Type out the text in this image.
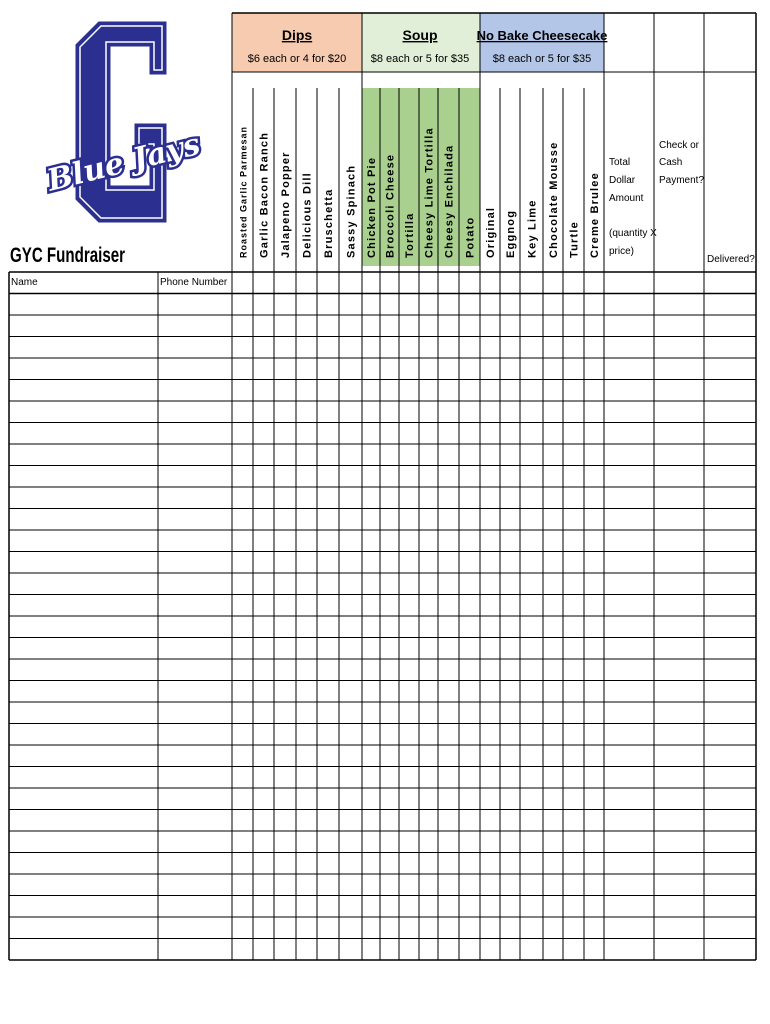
Blue Jays
GYC Fundraiser
Name	Phone Number
Dips
$6 each or 4 for $20
Soup
$8 each or 5 for $35
No Bake Cheesecake
$8 each or 5 for $35
Total Dollar Amount
(quantity X price)
Check or Cash Payment?
Delivered?
Roasted Garlic Parmesan Garlic Bacon Ranch Jalapeno Popper Delicious Dill Bruschetta Sassy Spinach Chicken Pot Pie Broccoli Cheese Tortilla Cheesy Lime Tortilla Cheesy Enchilada Potato Original Eggnog Key Lime Chocolate Mousse Turtle Creme Brulee
